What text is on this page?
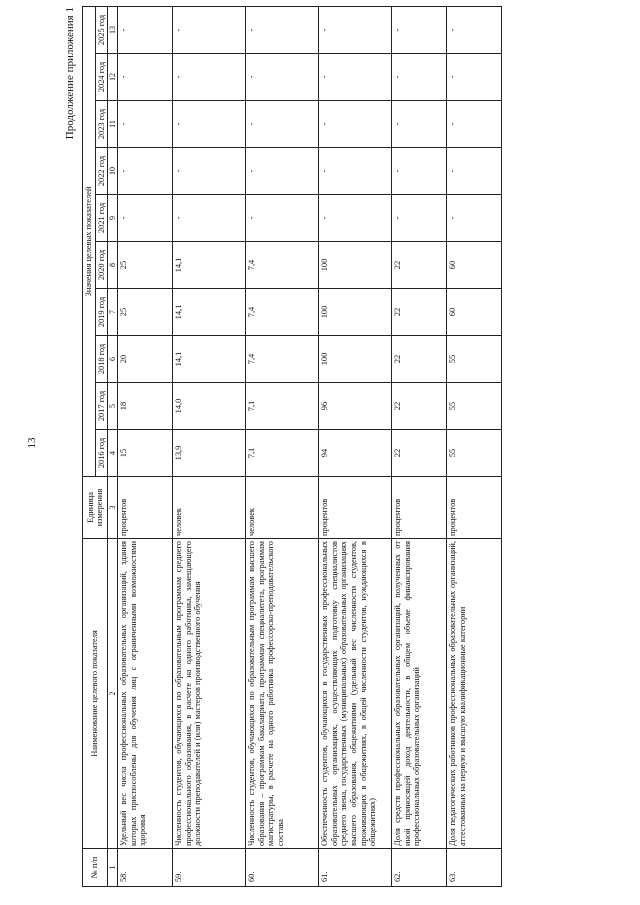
13
Продолжение приложения 1
№ п/п	Наименование целевого показателя	Единица измерения	Значения целевых показателей									
			2016 год	2017 год	2018 год	2019 год	2020 год	2021 год	2022 год	2023 год	2024 год	2025 год
1	2	3	4	5	6	7	8	9	10	11	12	13
58.	Удельный вес числа профессиональных образовательных организаций, здания которых приспособлены для обучения лиц с ограниченными возможностями здоровья	процентов	15	18	20	25	25	-	-	-	-	-
59.	Численность студентов, обучающихся по образовательным программам среднего профессионального образования, в расчете на одного работника, замещающего должности преподавателей и (или) мастеров производственного обучения	человек	13,9	14,0	14,1	14,1	14,1	-	-	-	-	-
60.	Численность студентов, обучающихся по образовательным программам высшего образования – программам бакалавриата, программам специалитета, программам магистратуры, в расчете на одного работника профессорско-преподавательского состава	человек	7,1	7,1	7,4	7,4	7,4	-	-	-	-	-
61.	Обеспеченность студентов, обучающихся в государственных профессиональных образовательных организациях, осуществляющих подготовку специалистов среднего звена, государственных (муниципальных) образовательных организациях высшего образования, общежитиями (удельный вес численности студентов, проживающих в общежитиях, в общей численности студентов, нуждающихся в общежитиях)	процентов	94	96	100	100	100	-	-	-	-	-
62.	Доля средств профессиональных образовательных организаций, полученных от иной приносящей доход деятельности, в общем объеме финансирования профессиональных образовательных организаций	процентов	22	22	22	22	22	-	-	-	-	-
63.	Доля педагогических работников профессиональных образовательных организаций, аттестованных на первую и высшую квалификационные категории	процентов	55	55	55	60	60	-	-	-	-	-
